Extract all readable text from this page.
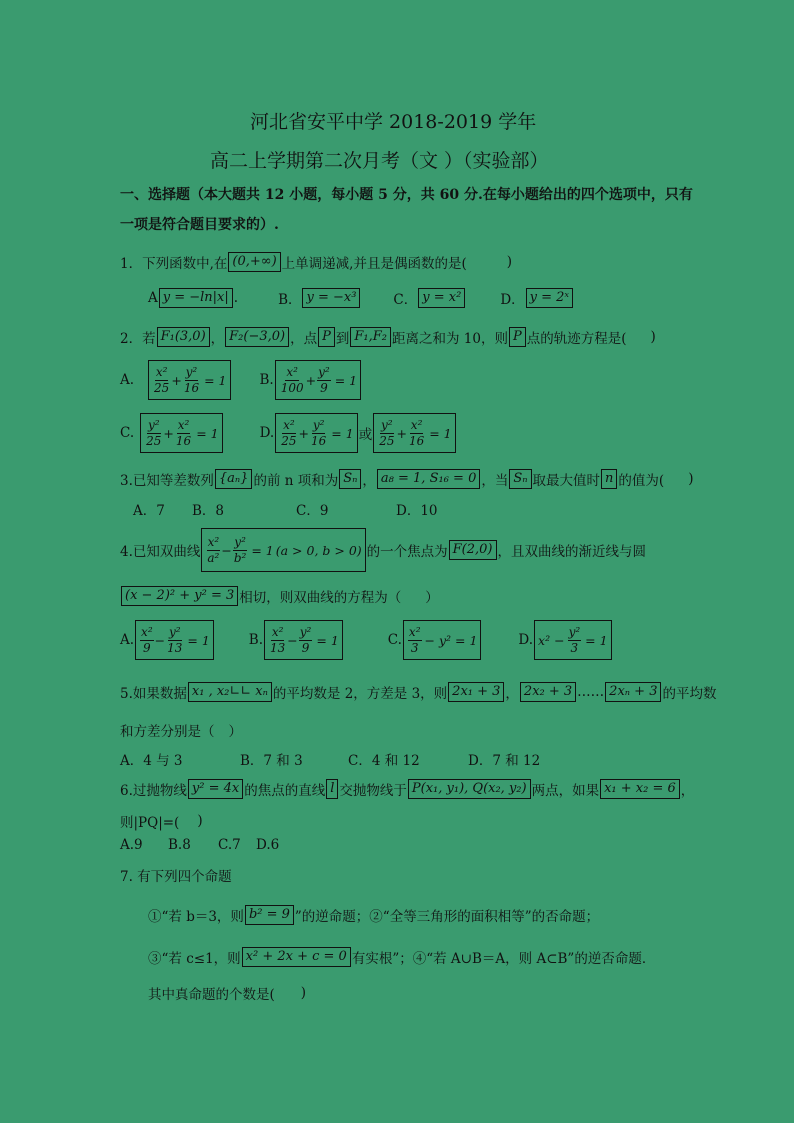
河北省安平中学 2018-2019 学年
高二上学期第二次月考（文 ）（实验部）
一、选择题（本大题共 12 小题，每小题 5 分，共 60 分.在每小题给出的四个选项中，只有
一项是符合题目要求的）.
1．下列函数中,在 (0,+∞) 上单调递减,并且是偶函数的是(	)
A y = −ln|x| .	B． y = −x³	C． y = x²	D． y = 2ˣ
2．若 F₁(3,0) ， F₂(−3,0) ，点 P 到 F₁,F₂ 距离之和为 10，则 P 点的轨迹方程是( )
A. $\frac{\text{x²}}{25} + \frac{\text{y²}}{16} = 1$ B. $\frac{\text{x²}}{100} + \frac{\text{y²}}{9} = 1$
C. $\frac{\text{y²}}{25} + \frac{\text{x²}}{16} = 1$	D. $\frac{\text{x²}}{25} + \frac{\text{y²}}{16} = 1$ 或 $\frac{\text{y²}}{25} + \frac{\text{x²}}{16} = 1$
3.已知等差数列 {aₙ} 的前 n 项和为 Sₙ ， a₈ = 1, S₁₆ = 0 ，当 Sₙ 取最大值时 n 的值为( )
A．7 B．8	C．9	D．10
4.已知双曲线 $\frac{\text{x²}}{\text{a²}} - \frac{\text{y²}}{\text{b²}} = 1$ (a > 0, b > 0) 的一个焦点为 F(2,0) ，且双曲线的渐近线与圆
(x − 2)² + y² = 3 相切，则双曲线的方程为（ ）
A. $\frac{\text{x²}}{9} - \frac{\text{y²}}{13} = 1$	B. $\frac{\text{x²}}{13} - \frac{\text{y²}}{9} = 1$	C. $\frac{\text{x²}}{3} - y^2 = 1$	D. $x^2 - \frac{\text{y²}}{3} = 1$
5.如果数据 x₁ , x₂∟∟ xₙ 的平均数是 2，方差是 3，则 2x₁ + 3 ， 2x₂ + 3 …… 2xₙ + 3 的平均数
和方差分别是（ ）
A．4 与 3	B．7 和 3	C．4 和 12	D．7 和 12
6.过抛物线 y² = 4x 的焦点的直线 l 交抛物线于 P(x₁, y₁), Q(x₂, y₂) 两点，如果 x₁ + x₂ = 6 ，
则|PQ|=( )
A.9 B.8 C.7 D.6
7. 有下列四个命题
①“若 b＝3，则 b² = 9 ”的逆命题；②“全等三角形的面积相等”的否命题；
③“若 c≤1，则 x² + 2x + c = 0 有实根”；④“若 A∪B＝A，则 A⊂B”的逆否命题．
其中真命题的个数是( )
